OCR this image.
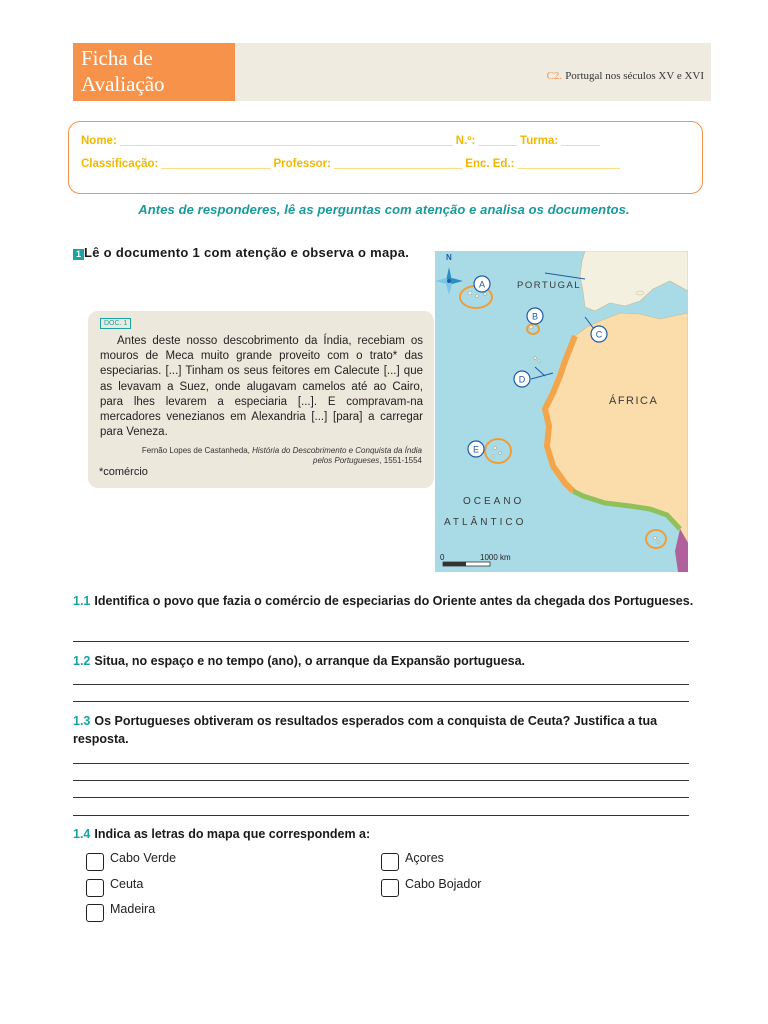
Ficha de
Avaliação	C2. Portugal nos séculos XV e XVI
Nome: ____________________________________________________ N.º: ______ Turma: ______
Classificação: _________________ Professor: ____________________ Enc. Ed.: ________________
Antes de responderes, lê as perguntas com atenção e analisa os documentos.
Lê o documento 1 com atenção e observa o mapa.
1
DOC. 1
Antes deste nosso descobrimento da Índia, recebiam os mouros de Meca muito grande proveito com o trato* das especiarias. [...] Tinham os seus feitores em Calecute [...] que as levavam a Suez, onde alugavam camelos até ao Cairo, para lhes levarem a especiaria [...]. E compravam-na mercadores venezianos em Alexandria [...] [para] a carregar para Veneza.
Fernão Lopes de Castanheda, História do Descobrimento e Conquista da Índia pelos Portugueses, 1551-1554
*comércio
N
A
B
C
D
E
PORTUGAL
ÁFRICA
OCEANO
ATLÂNTICO
0	1000 km
1.1 Identifica o povo que fazia o comércio de especiarias do Oriente antes da chegada dos Portugueses.
1.2 Situa, no espaço e no tempo (ano), o arranque da Expansão portuguesa.
1.3 Os Portugueses obtiveram os resultados esperados com a conquista de Ceuta? Justifica a tua resposta.
1.4 Indica as letras do mapa que correspondem a:
Cabo Verde
Ceuta
Madeira
Açores
Cabo Bojador
